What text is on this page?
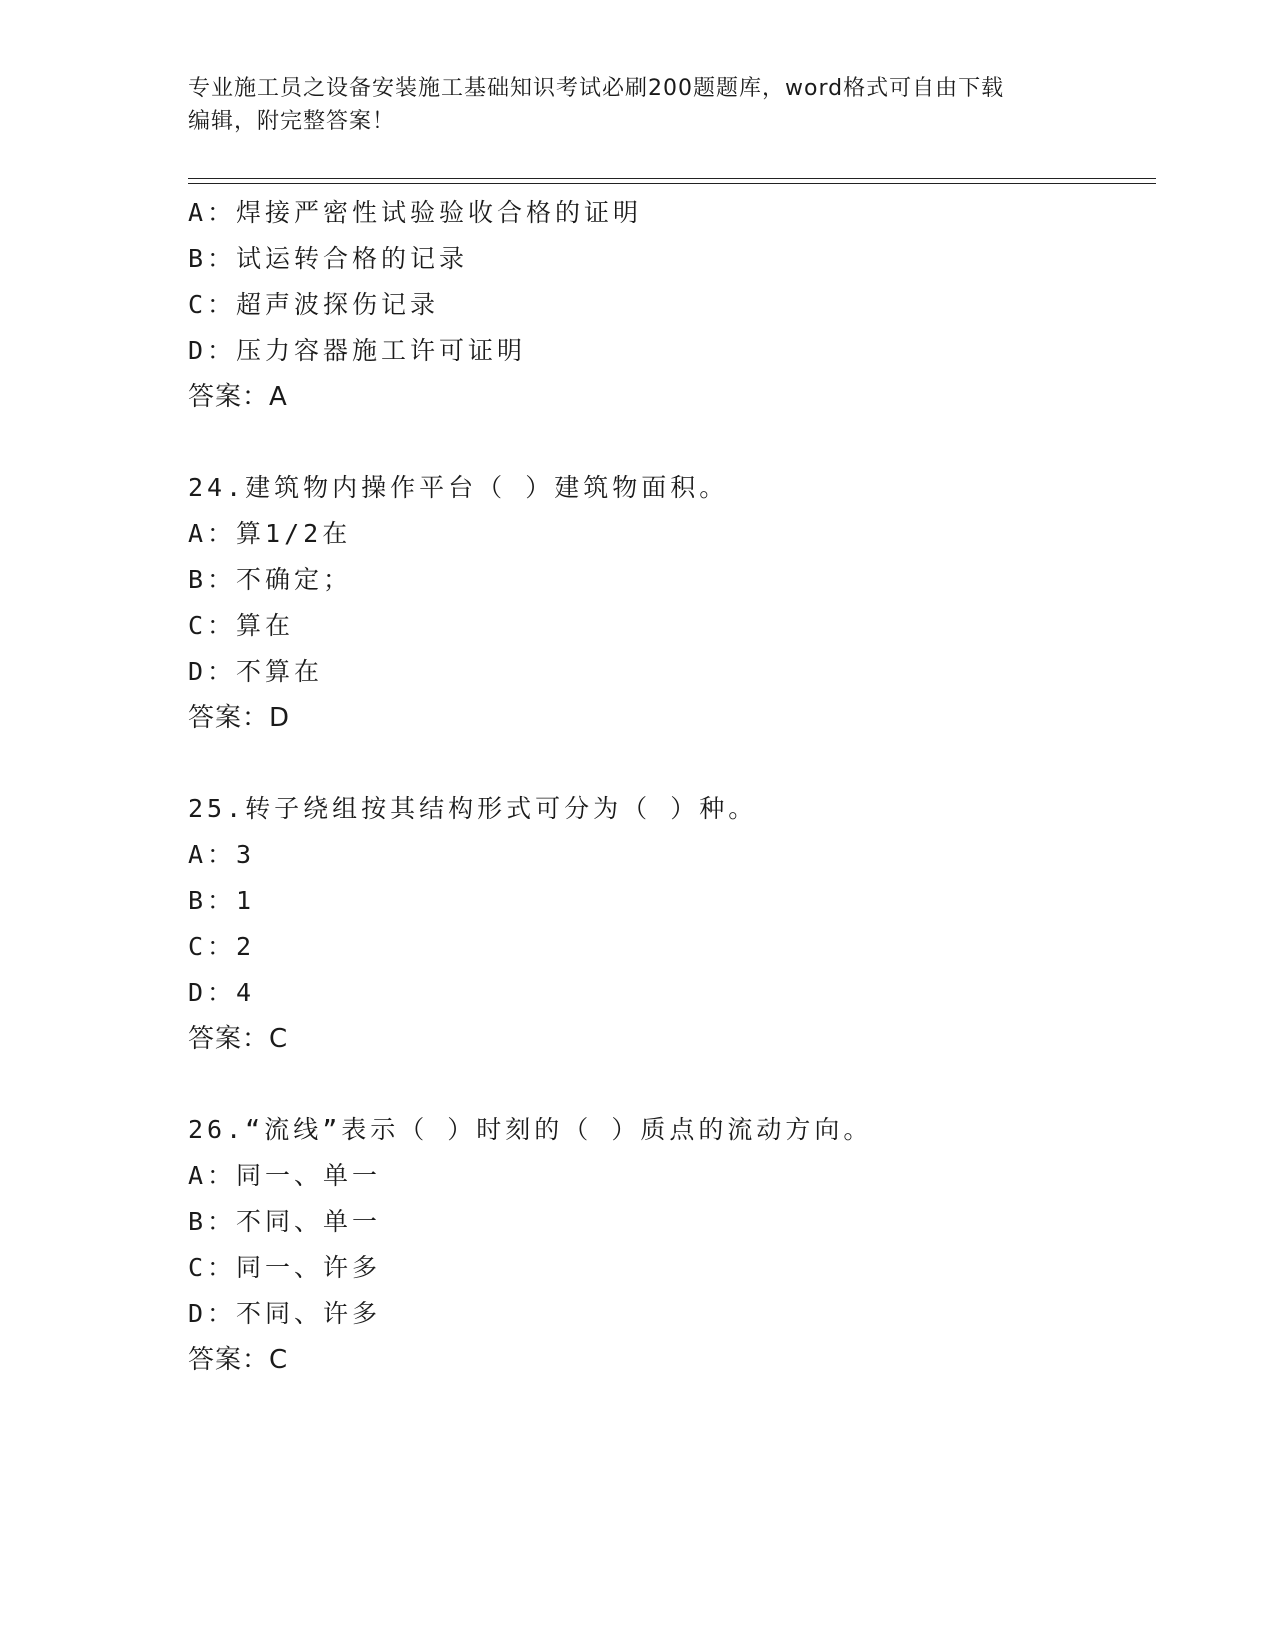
专业施工员之设备安装施工基础知识考试必刷200题题库，word格式可自由下载
编辑，附完整答案！
A：焊接严密性试验验收合格的证明
B：试运转合格的记录
C：超声波探伤记录
D：压力容器施工许可证明
答案：A
24.建筑物内操作平台（ ）建筑物面积。
A：算1/2在
B：不确定；
C：算在
D：不算在
答案：D
25.转子绕组按其结构形式可分为（ ）种。
A：3
B：1
C：2
D：4
答案：C
26.“流线”表示（ ）时刻的（ ）质点的流动方向。
A：同一、单一
B：不同、单一
C：同一、许多
D：不同、许多
答案：C
